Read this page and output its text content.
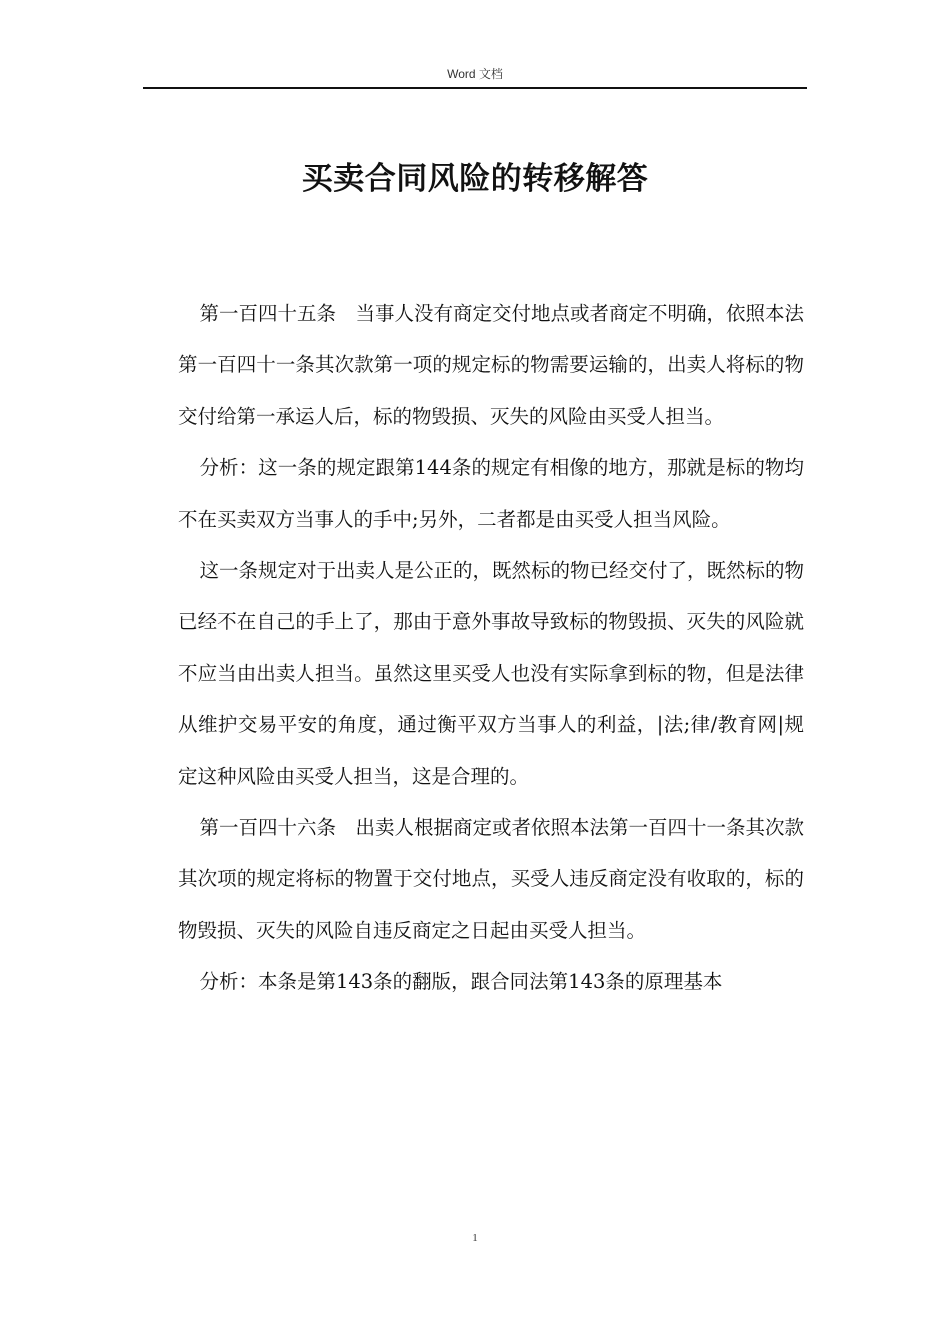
Word 文档
买卖合同风险的转移解答

第一百四十五条　当事人没有商定交付地点或者商定不明确，依照本法第一百四十一条其次款第一项的规定标的物需要运输的，出卖人将标的物交付给第一承运人后，标的物毁损、灭失的风险由买受人担当。

分析：这一条的规定跟第144条的规定有相像的地方，那就是标的物均不在买卖双方当事人的手中;另外，二者都是由买受人担当风险。

这一条规定对于出卖人是公正的，既然标的物已经交付了，既然标的物已经不在自己的手上了，那由于意外事故导致标的物毁损、灭失的风险就不应当由出卖人担当。虽然这里买受人也没有实际拿到标的物，但是法律从维护交易平安的角度，通过衡平双方当事人的利益，|法;律/教育网|规定这种风险由买受人担当，这是合理的。

第一百四十六条　出卖人根据商定或者依照本法第一百四十一条其次款其次项的规定将标的物置于交付地点，买受人违反商定没有收取的，标的物毁损、灭失的风险自违反商定之日起由买受人担当。

分析：本条是第143条的翻版，跟合同法第143条的原理基本

1
